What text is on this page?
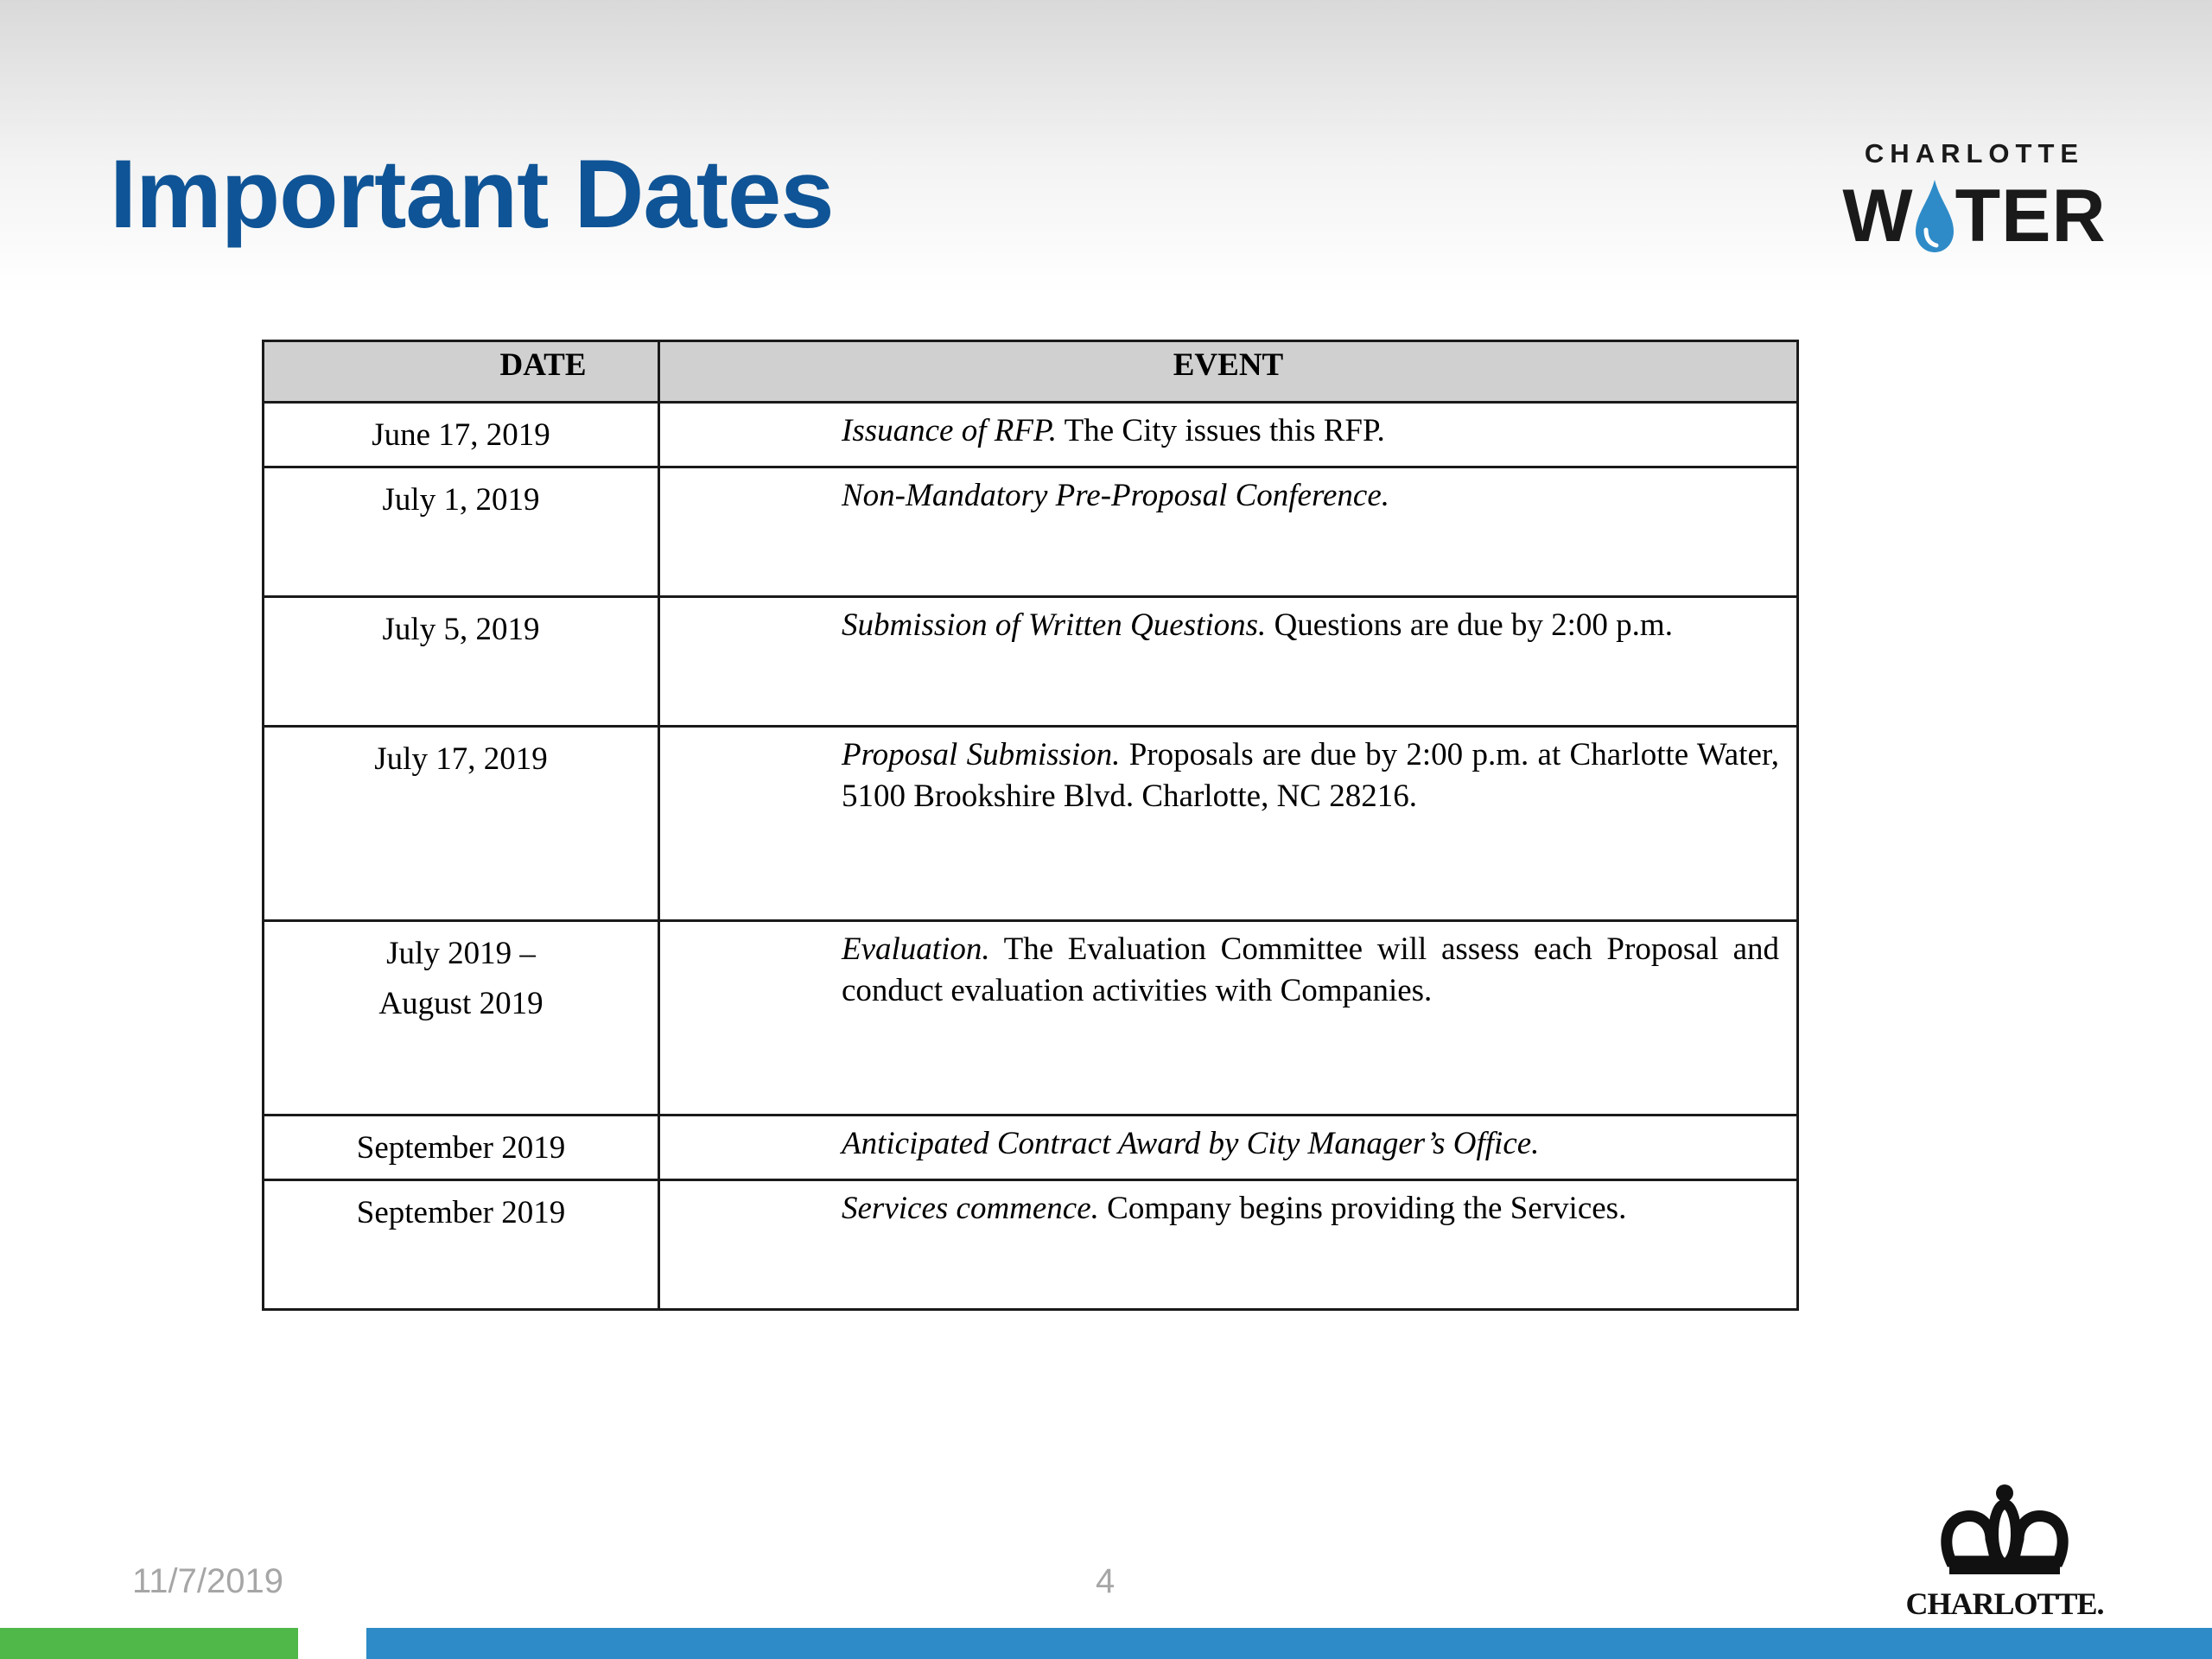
Important Dates	CHARLOTTE
W TER
DATE	EVENT

June 17, 2019	Issuance of RFP. The City issues this RFP.

July 1, 2019	Non-Mandatory Pre-Proposal Conference.

July 5, 2019	Submission of Written Questions. Questions are due by 2:00 p.m.

July 17, 2019	Proposal Submission. Proposals are due by 2:00 p.m. at Charlotte Water, 5100 Brookshire Blvd. Charlotte, NC 28216.

July 2019 –
August 2019	Evaluation. The Evaluation Committee will assess each Proposal and conduct evaluation activities with Companies.

September 2019	Anticipated Contract Award by City Manager’s Office.

September 2019	Services commence. Company begins providing the Services.
11/7/2019	4
CHARLOTTE.
